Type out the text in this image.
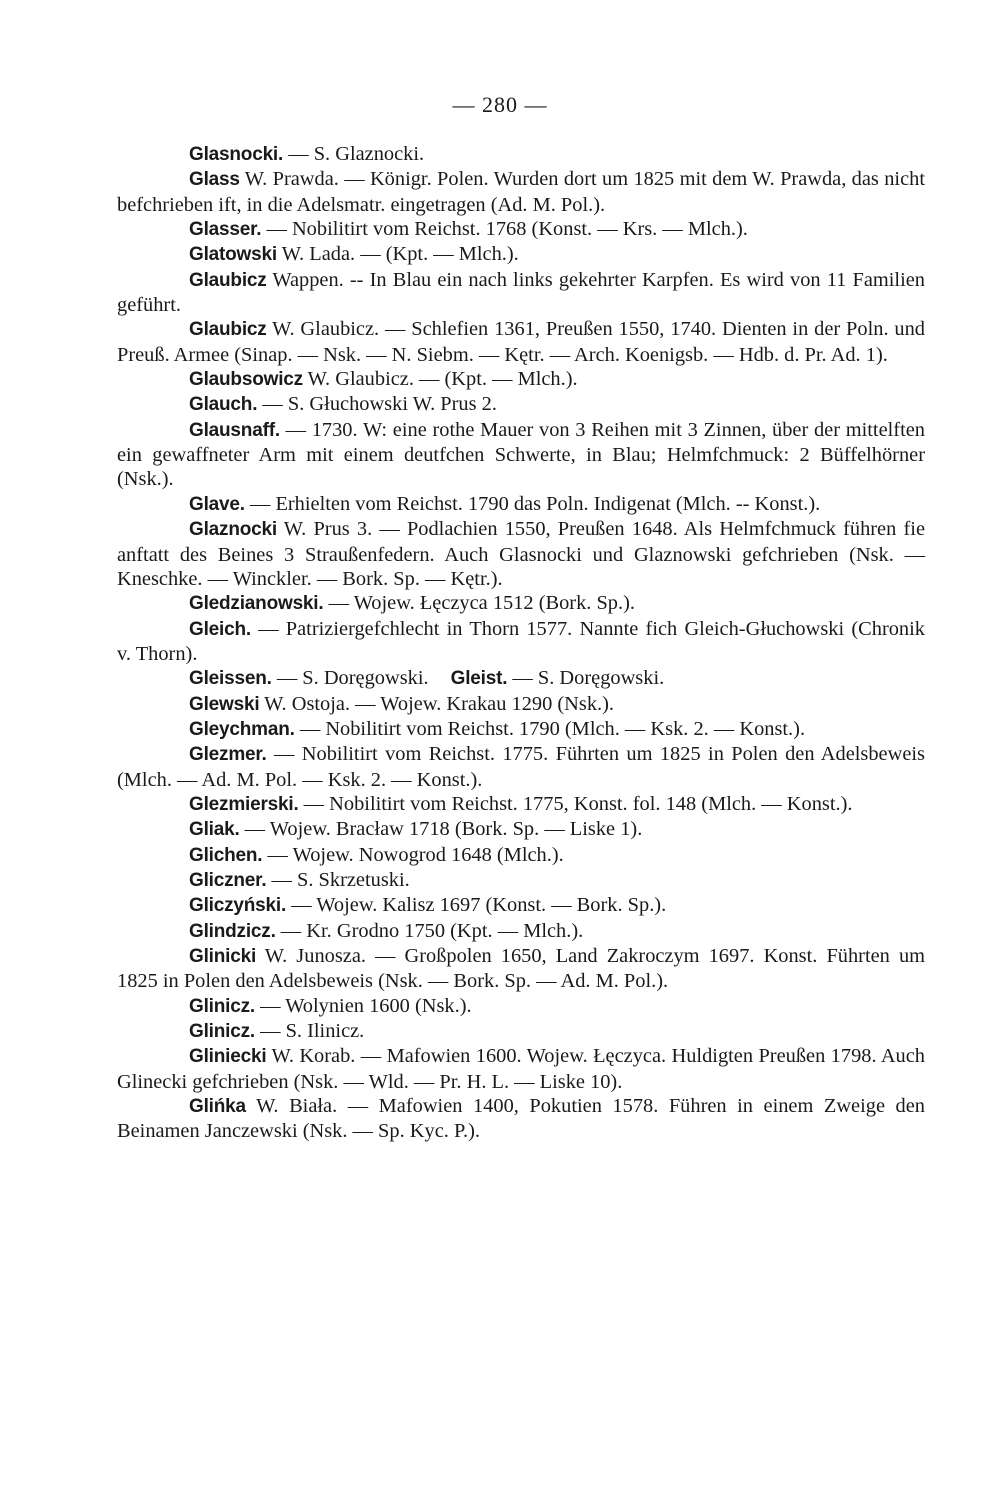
— 280 —

Glasnocki. — S. Glaznocki.

Glass W. Prawda. — Königr. Polen. Wurden dort um 1825 mit dem W. Prawda, das nicht befchrieben ift, in die Adelsmatr. eingetragen (Ad. M. Pol.).

Glasser. — Nobilitirt vom Reichst. 1768 (Konst. — Krs. — Mlch.).

Glatowski W. Lada. — (Kpt. — Mlch.).

Glaubicz Wappen. -- In Blau ein nach links gekehrter Karpfen. Es wird von 11 Familien geführt.

Glaubicz W. Glaubicz. — Schlefien 1361, Preußen 1550, 1740. Dienten in der Poln. und Preuß. Armee (Sinap. — Nsk. — N. Siebm. — Kętr. — Arch. Koenigsb. — Hdb. d. Pr. Ad. 1).

Glaubsowicz W. Glaubicz. — (Kpt. — Mlch.).

Glauch. — S. Głuchowski W. Prus 2.

Glausnaff. — 1730. W: eine rothe Mauer von 3 Reihen mit 3 Zinnen, über der mittelften ein gewaffneter Arm mit einem deutfchen Schwerte, in Blau; Helmfchmuck: 2 Büffelhörner (Nsk.).

Glave. — Erhielten vom Reichst. 1790 das Poln. Indigenat (Mlch. -- Konst.).

Glaznocki W. Prus 3. — Podlachien 1550, Preußen 1648. Als Helmfchmuck führen fie anftatt des Beines 3 Straußenfedern. Auch Glasnocki und Glaznowski gefchrieben (Nsk. — Kneschke. — Winckler. — Bork. Sp. — Kętr.).

Gledzianowski. — Wojew. Łęczyca 1512 (Bork. Sp.).

Gleich. — Patriziergefchlecht in Thorn 1577. Nannte fich Gleich-Głuchowski (Chronik v. Thorn).

Gleissen. — S. Doręgowski. Gleist. — S. Doręgowski.

Glewski W. Ostoja. — Wojew. Krakau 1290 (Nsk.).

Gleychman. — Nobilitirt vom Reichst. 1790 (Mlch. — Ksk. 2. — Konst.).

Glezmer. — Nobilitirt vom Reichst. 1775. Führten um 1825 in Polen den Adelsbeweis (Mlch. — Ad. M. Pol. — Ksk. 2. — Konst.).

Glezmierski. — Nobilitirt vom Reichst. 1775, Konst. fol. 148 (Mlch. — Konst.).

Gliak. — Wojew. Bracław 1718 (Bork. Sp. — Liske 1).

Glichen. — Wojew. Nowogrod 1648 (Mlch.).

Gliczner. — S. Skrzetuski.

Gliczyński. — Wojew. Kalisz 1697 (Konst. — Bork. Sp.).

Glindzicz. — Kr. Grodno 1750 (Kpt. — Mlch.).

Glinicki W. Junosza. — Großpolen 1650, Land Zakroczym 1697. Konst. Führten um 1825 in Polen den Adelsbeweis (Nsk. — Bork. Sp. — Ad. M. Pol.).

Glinicz. — Wolynien 1600 (Nsk.).

Glinicz. — S. Ilinicz.

Gliniecki W. Korab. — Mafowien 1600. Wojew. Łęczyca. Huldigten Preußen 1798. Auch Glinecki gefchrieben (Nsk. — Wld. — Pr. H. L. — Liske 10).

Glińka W. Biała. — Mafowien 1400, Pokutien 1578. Führen in einem Zweige den Beinamen Janczewski (Nsk. — Sp. Kyc. P.).
